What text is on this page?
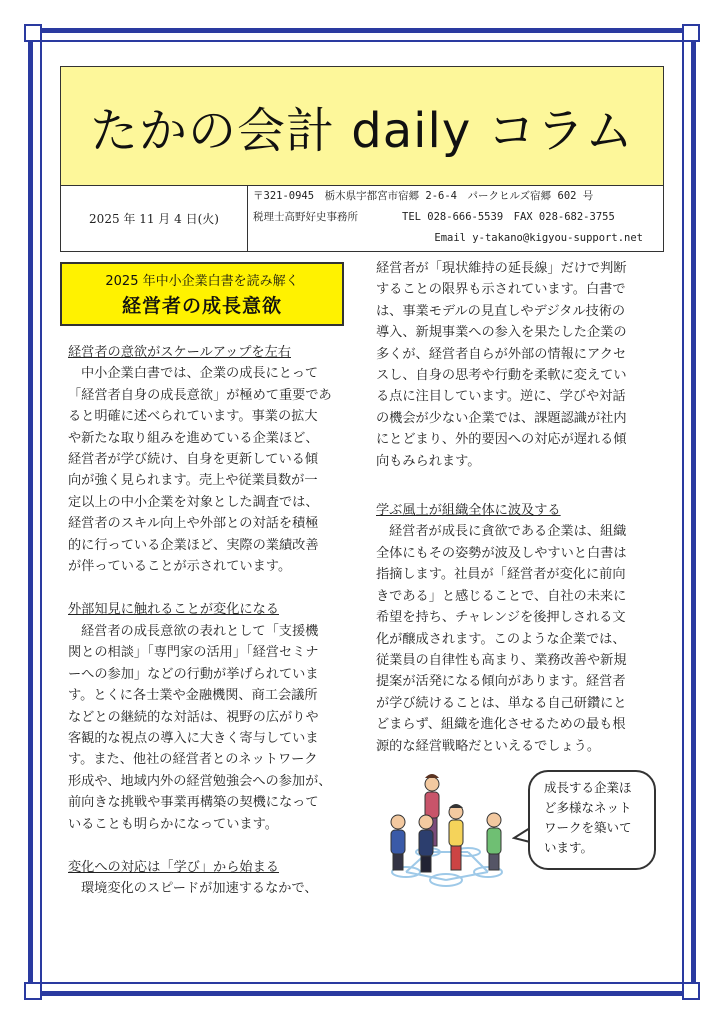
たかの会計 daily コラム
2025 年 11 月 4 日(火)
〒321-0945　栃木県宇都宮市宿郷 2-6-4　パークヒルズ宿郷 602 号
税理士高野好史事務所	TEL 028-666-5539　FAX 028-682-3755
Email y-takano@kigyou-support.net
2025 年中小企業白書を読み解く
経営者の成長意欲
経営者の意欲がスケールアップを左右
中小企業白書では、企業の成長にとって
「経営者自身の成長意欲」が極めて重要であ
ると明確に述べられています。事業の拡大
や新たな取り組みを進めている企業ほど、
経営者が学び続け、自身を更新している傾
向が強く見られます。売上や従業員数が一
定以上の中小企業を対象とした調査では、
経営者のスキル向上や外部との対話を積極
的に行っている企業ほど、実際の業績改善
が伴っていることが示されています。
外部知見に触れることが変化になる
経営者の成長意欲の表れとして「支援機
関との相談」「専門家の活用」「経営セミナ
ーへの参加」などの行動が挙げられていま
す。とくに各士業や金融機関、商工会議所
などとの継続的な対話は、視野の広がりや
客観的な視点の導入に大きく寄与していま
す。また、他社の経営者とのネットワーク
形成や、地域内外の経営勉強会への参加が、
前向きな挑戦や事業再構築の契機になって
いることも明らかになっています。
変化への対応は「学び」から始まる
環境変化のスピードが加速するなかで、
経営者が「現状維持の延長線」だけで判断
することの限界も示されています。白書で
は、事業モデルの見直しやデジタル技術の
導入、新規事業への参入を果たした企業の
多くが、経営者自らが外部の情報にアクセ
スし、自身の思考や行動を柔軟に変えてい
る点に注目しています。逆に、学びや対話
の機会が少ない企業では、課題認識が社内
にとどまり、外的要因への対応が遅れる傾
向もみられます。
学ぶ風土が組織全体に波及する
経営者が成長に貪欲である企業は、組織
全体にもその姿勢が波及しやすいと白書は
指摘します。社員が「経営者が変化に前向
きである」と感じることで、自社の未来に
希望を持ち、チャレンジを後押しされる文
化が醸成されます。このような企業では、
従業員の自律性も高まり、業務改善や新規
提案が活発になる傾向があります。経営者
が学び続けることは、単なる自己研鑽にと
どまらず、組織を進化させるための最も根
源的な経営戦略だといえるでしょう。
成長する企業ほ
ど多様なネット
ワークを築いて
います。
